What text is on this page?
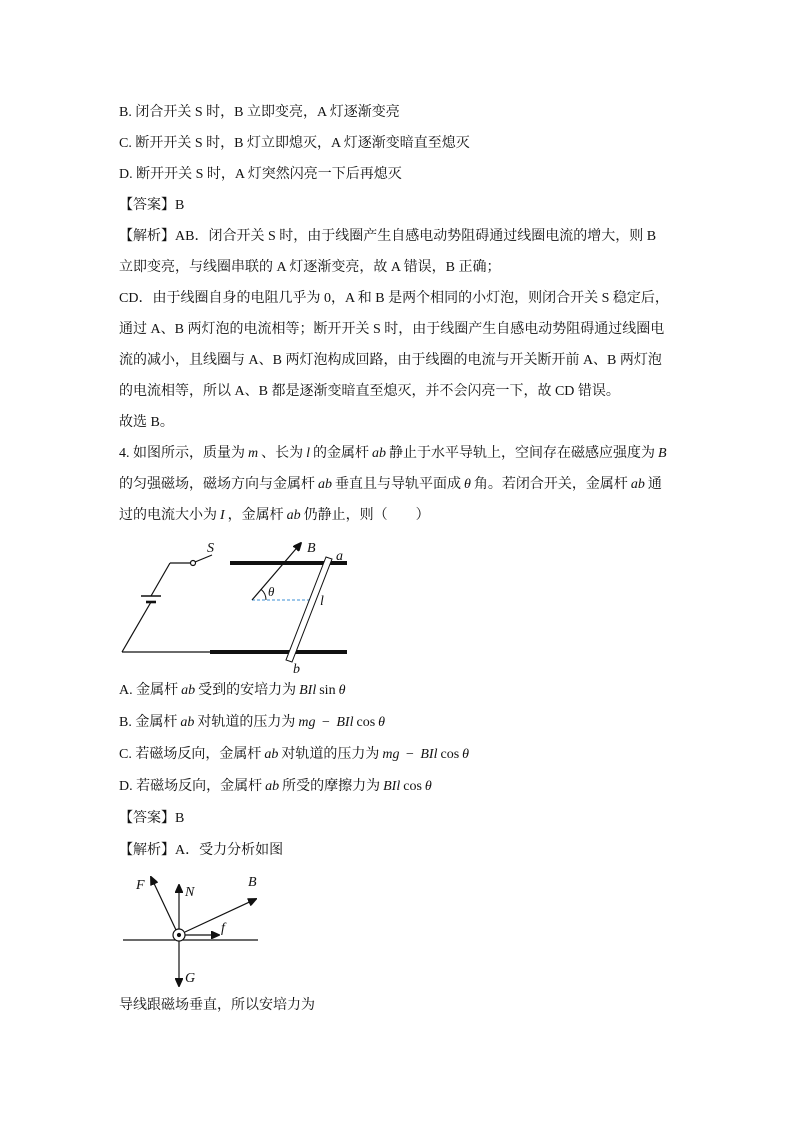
B. 闭合开关 S 时，B 立即变亮，A 灯逐渐变亮
C. 断开开关 S 时，B 灯立即熄灭，A 灯逐渐变暗直至熄灭
D. 断开开关 S 时，A 灯突然闪亮一下后再熄灭
【答案】B
【解析】AB．闭合开关 S 时，由于线圈产生自感电动势阻碍通过线圈电流的增大，则 B
立即变亮，与线圈串联的 A 灯逐渐变亮，故 A 错误，B 正确；
CD．由于线圈自身的电阻几乎为 0，A 和 B 是两个相同的小灯泡，则闭合开关 S 稳定后，
通过 A、B 两灯泡的电流相等；断开开关 S 时，由于线圈产生自感电动势阻碍通过线圈电
流的减小，且线圈与 A、B 两灯泡构成回路，由于线圈的电流与开关断开前 A、B 两灯泡
的电流相等，所以 A、B 都是逐渐变暗直至熄灭，并不会闪亮一下，故 CD 错误。
故选 B。
4. 如图所示，质量为 m 、长为 l 的金属杆 ab 静止于水平导轨上，空间存在磁感应强度为 B
的匀强磁场，磁场方向与金属杆 ab 垂直且与导轨平面成 θ 角。若闭合开关，金属杆 ab 通
过的电流大小为 I ，金属杆 ab 仍静止，则（　　）
S	B
a
b
l
θ
A. 金属杆 ab 受到的安培力为 BIl sin θ
B. 金属杆 ab 对轨道的压力为 mg − BIl cos θ
C. 若磁场反向，金属杆 ab 对轨道的压力为 mg − BIl cos θ
D. 若磁场反向，金属杆 ab 所受的摩擦力为 BIl cos θ
【答案】B
【解析】A．受力分析如图
F	N
B
f
G
导线跟磁场垂直，所以安培力为
